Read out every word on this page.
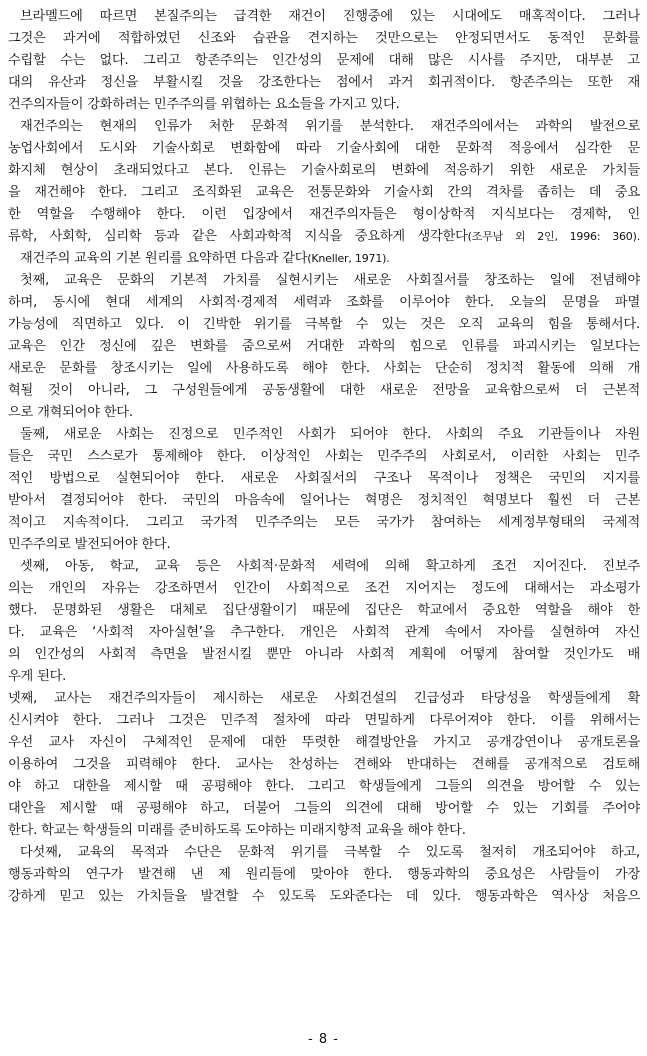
브라멜드에 따르면 본질주의는 급격한 재건이 진행중에 있는 시대에도 매혹적이다. 그러나
그것은 과거에 적합하였던 신조와 습관을 견지하는 것만으로는 안정되면서도 동적인 문화를
수립할 수는 없다. 그리고 항존주의는 인간성의 문제에 대해 많은 시사를 주지만, 대부분 고
대의 유산과 정신을 부활시킬 것을 강조한다는 점에서 과거 회귀적이다. 항존주의는 또한 재
건주의자들이 강화하려는 민주주의를 위협하는 요소들을 가지고 있다.
재건주의는 현재의 인류가 처한 문화적 위기를 분석한다. 재건주의에서는 과학의 발전으로
농업사회에서 도시와 기술사회로 변화함에 따라 기술사회에 대한 문화적 적응에서 심각한 문
화지체 현상이 초래되었다고 본다. 인류는 기술사회로의 변화에 적응하기 위한 새로운 가치들
을 재건해야 한다. 그리고 조직화된 교육은 전통문화와 기술사회 간의 격차를 좁히는 데 중요
한 역할을 수행해야 한다. 이런 입장에서 재건주의자들은 형이상학적 지식보다는 경제학, 인
류학, 사회학, 심리학 등과 같은 사회과학적 지식을 중요하게 생각한다(조무남 외 2인, 1996: 360).
재건주의 교육의 기본 원리를 요약하면 다음과 같다(Kneller, 1971).
첫째, 교육은 문화의 기본적 가치를 실현시키는 새로운 사회질서를 창조하는 일에 전념해야
하며, 동시에 현대 세계의 사회적·경제적 세력과 조화를 이루어야 한다. 오늘의 문명을 파멸
가능성에 직면하고 있다. 이 긴박한 위기를 극복할 수 있는 것은 오직 교육의 힘을 통해서다.
교육은 인간 정신에 깊은 변화를 줌으로써 거대한 과학의 힘으로 인류를 파괴시키는 일보다는
새로운 문화를 창조시키는 일에 사용하도록 해야 한다. 사회는 단순히 정치적 활동에 의해 개
혁될 것이 아니라, 그 구성원들에게 공동생활에 대한 새로운 전망을 교육함으로써 더 근본적
으로 개혁되어야 한다.
둘째, 새로운 사회는 진정으로 민주적인 사회가 되어야 한다. 사회의 주요 기관들이나 자원
들은 국민 스스로가 통제해야 한다. 이상적인 사회는 민주주의 사회로서, 이러한 사회는 민주
적인 방법으로 실현되어야 한다. 새로운 사회질서의 구조나 목적이나 정책은 국민의 지지를
받아서 결정되어야 한다. 국민의 마음속에 일어나는 혁명은 정치적인 혁명보다 훨씬 더 근본
적이고 지속적이다. 그리고 국가적 민주주의는 모든 국가가 참여하는 세계정부형태의 국제적
민주주의로 발전되어야 한다.
셋째, 아동, 학교, 교육 등은 사회적·문화적 세력에 의해 확고하게 조건 지어진다. 진보주
의는 개인의 자유는 강조하면서 인간이 사회적으로 조건 지어지는 정도에 대해서는 과소평가
했다. 문명화된 생활은 대체로 집단생활이기 때문에 집단은 학교에서 중요한 역할을 해야 한
다. 교육은 ‘사회적 자아실현’을 추구한다. 개인은 사회적 관계 속에서 자아를 실현하여 자신
의 인간성의 사회적 측면을 발전시킬 뿐만 아니라 사회적 계획에 어떻게 참여할 것인가도 배
우게 된다.
넷째, 교사는 재건주의자들이 제시하는 새로운 사회건설의 긴급성과 타당성을 학생들에게 확
신시켜야 한다. 그러나 그것은 민주적 절차에 따라 면밀하게 다루어져야 한다. 이를 위해서는
우선 교사 자신이 구체적인 문제에 대한 뚜렷한 해결방안을 가지고 공개강연이나 공개토론을
이용하여 그것을 피력해야 한다. 교사는 찬성하는 견해와 반대하는 견해를 공개적으로 검토해
야 하고 대한을 제시할 때 공평해야 한다. 그리고 학생들에게 그들의 의견을 방어할 수 있는
대안을 제시할 때 공평해야 하고, 더불어 그들의 의견에 대해 방어할 수 있는 기회를 주어야
한다. 학교는 학생들의 미래를 준비하도록 도야하는 미래지향적 교육을 해야 한다.
다섯째, 교육의 목적과 수단은 문화적 위기를 극복할 수 있도록 철저히 개조되어야 하고,
행동과학의 연구가 발견해 낸 제 원리들에 맞아야 한다. 행동과학의 중요성은 사람들이 가장
강하게 믿고 있는 가치들을 발견할 수 있도록 도와준다는 데 있다. 행동과학은 역사상 처음으
- 8 -
